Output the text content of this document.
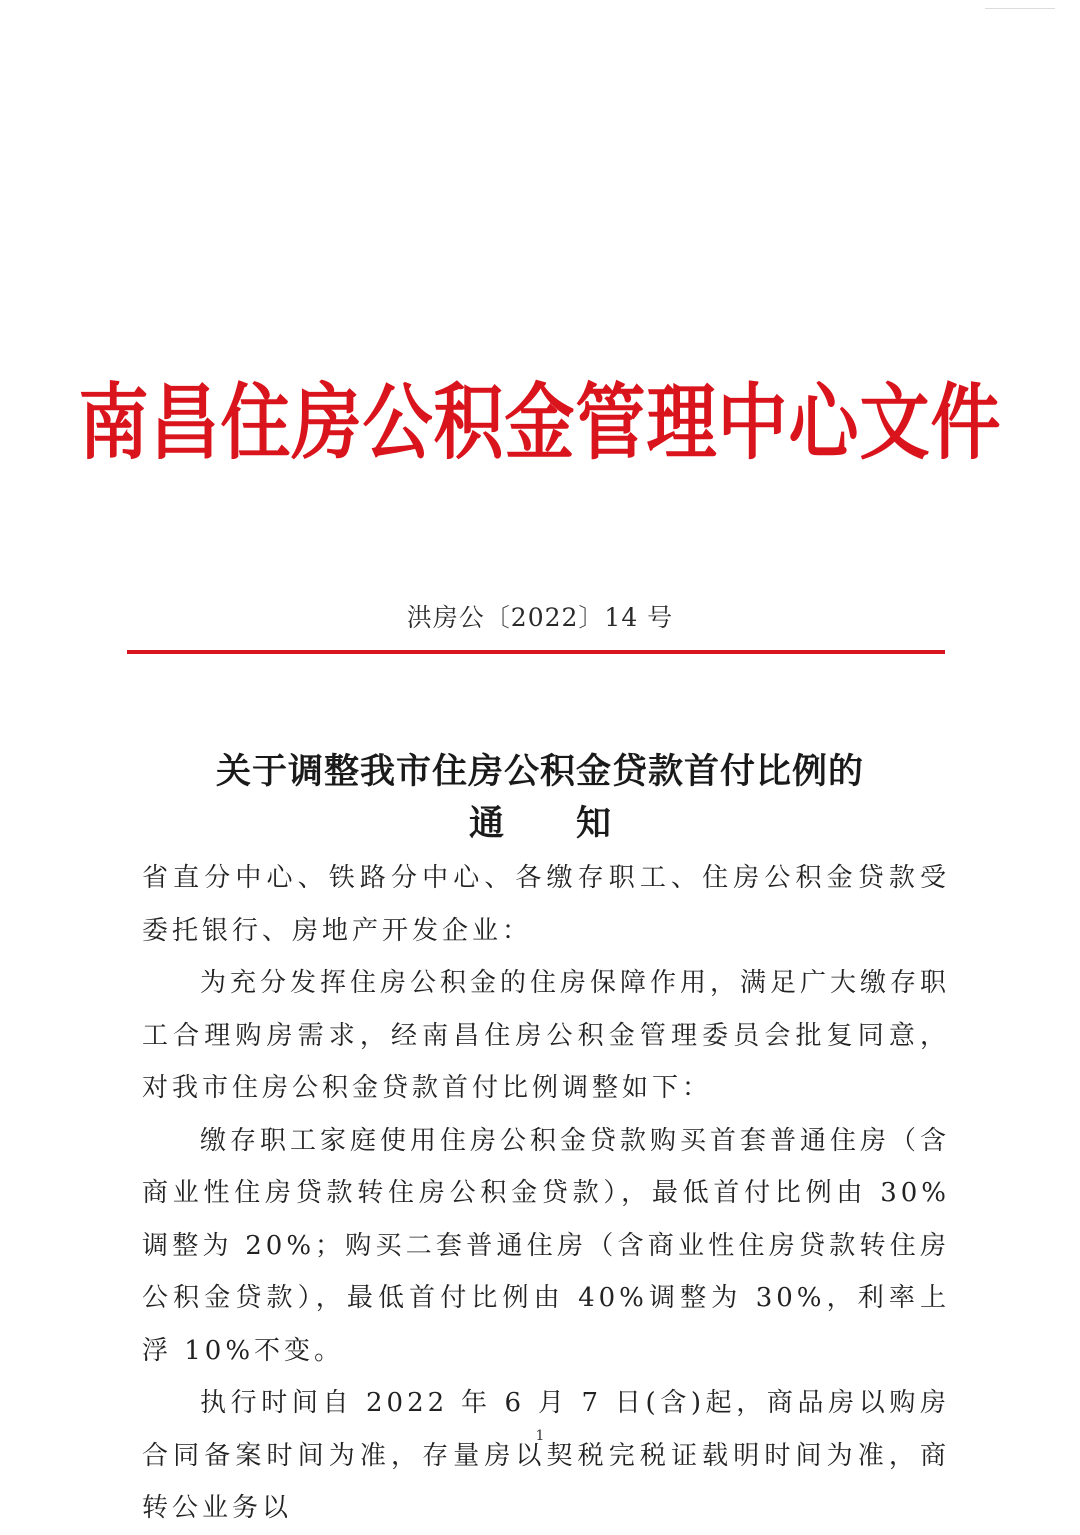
南昌住房公积金管理中心文件
洪房公〔2022〕14 号
关于调整我市住房公积金贷款首付比例的
通知

省直分中心、铁路分中心、各缴存职工、住房公积金贷款受委托银行、房地产开发企业：

为充分发挥住房公积金的住房保障作用，满足广大缴存职工合理购房需求，经南昌住房公积金管理委员会批复同意，对我市住房公积金贷款首付比例调整如下：

缴存职工家庭使用住房公积金贷款购买首套普通住房（含商业性住房贷款转住房公积金贷款），最低首付比例由 30%调整为 20%；购买二套普通住房（含商业性住房贷款转住房公积金贷款），最低首付比例由 40%调整为 30%，利率上浮 10%不变。

执行时间自 2022 年 6 月 7 日(含)起，商品房以购房合同备案时间为准，存量房以契税完税证载明时间为准，商转公业务以

1
